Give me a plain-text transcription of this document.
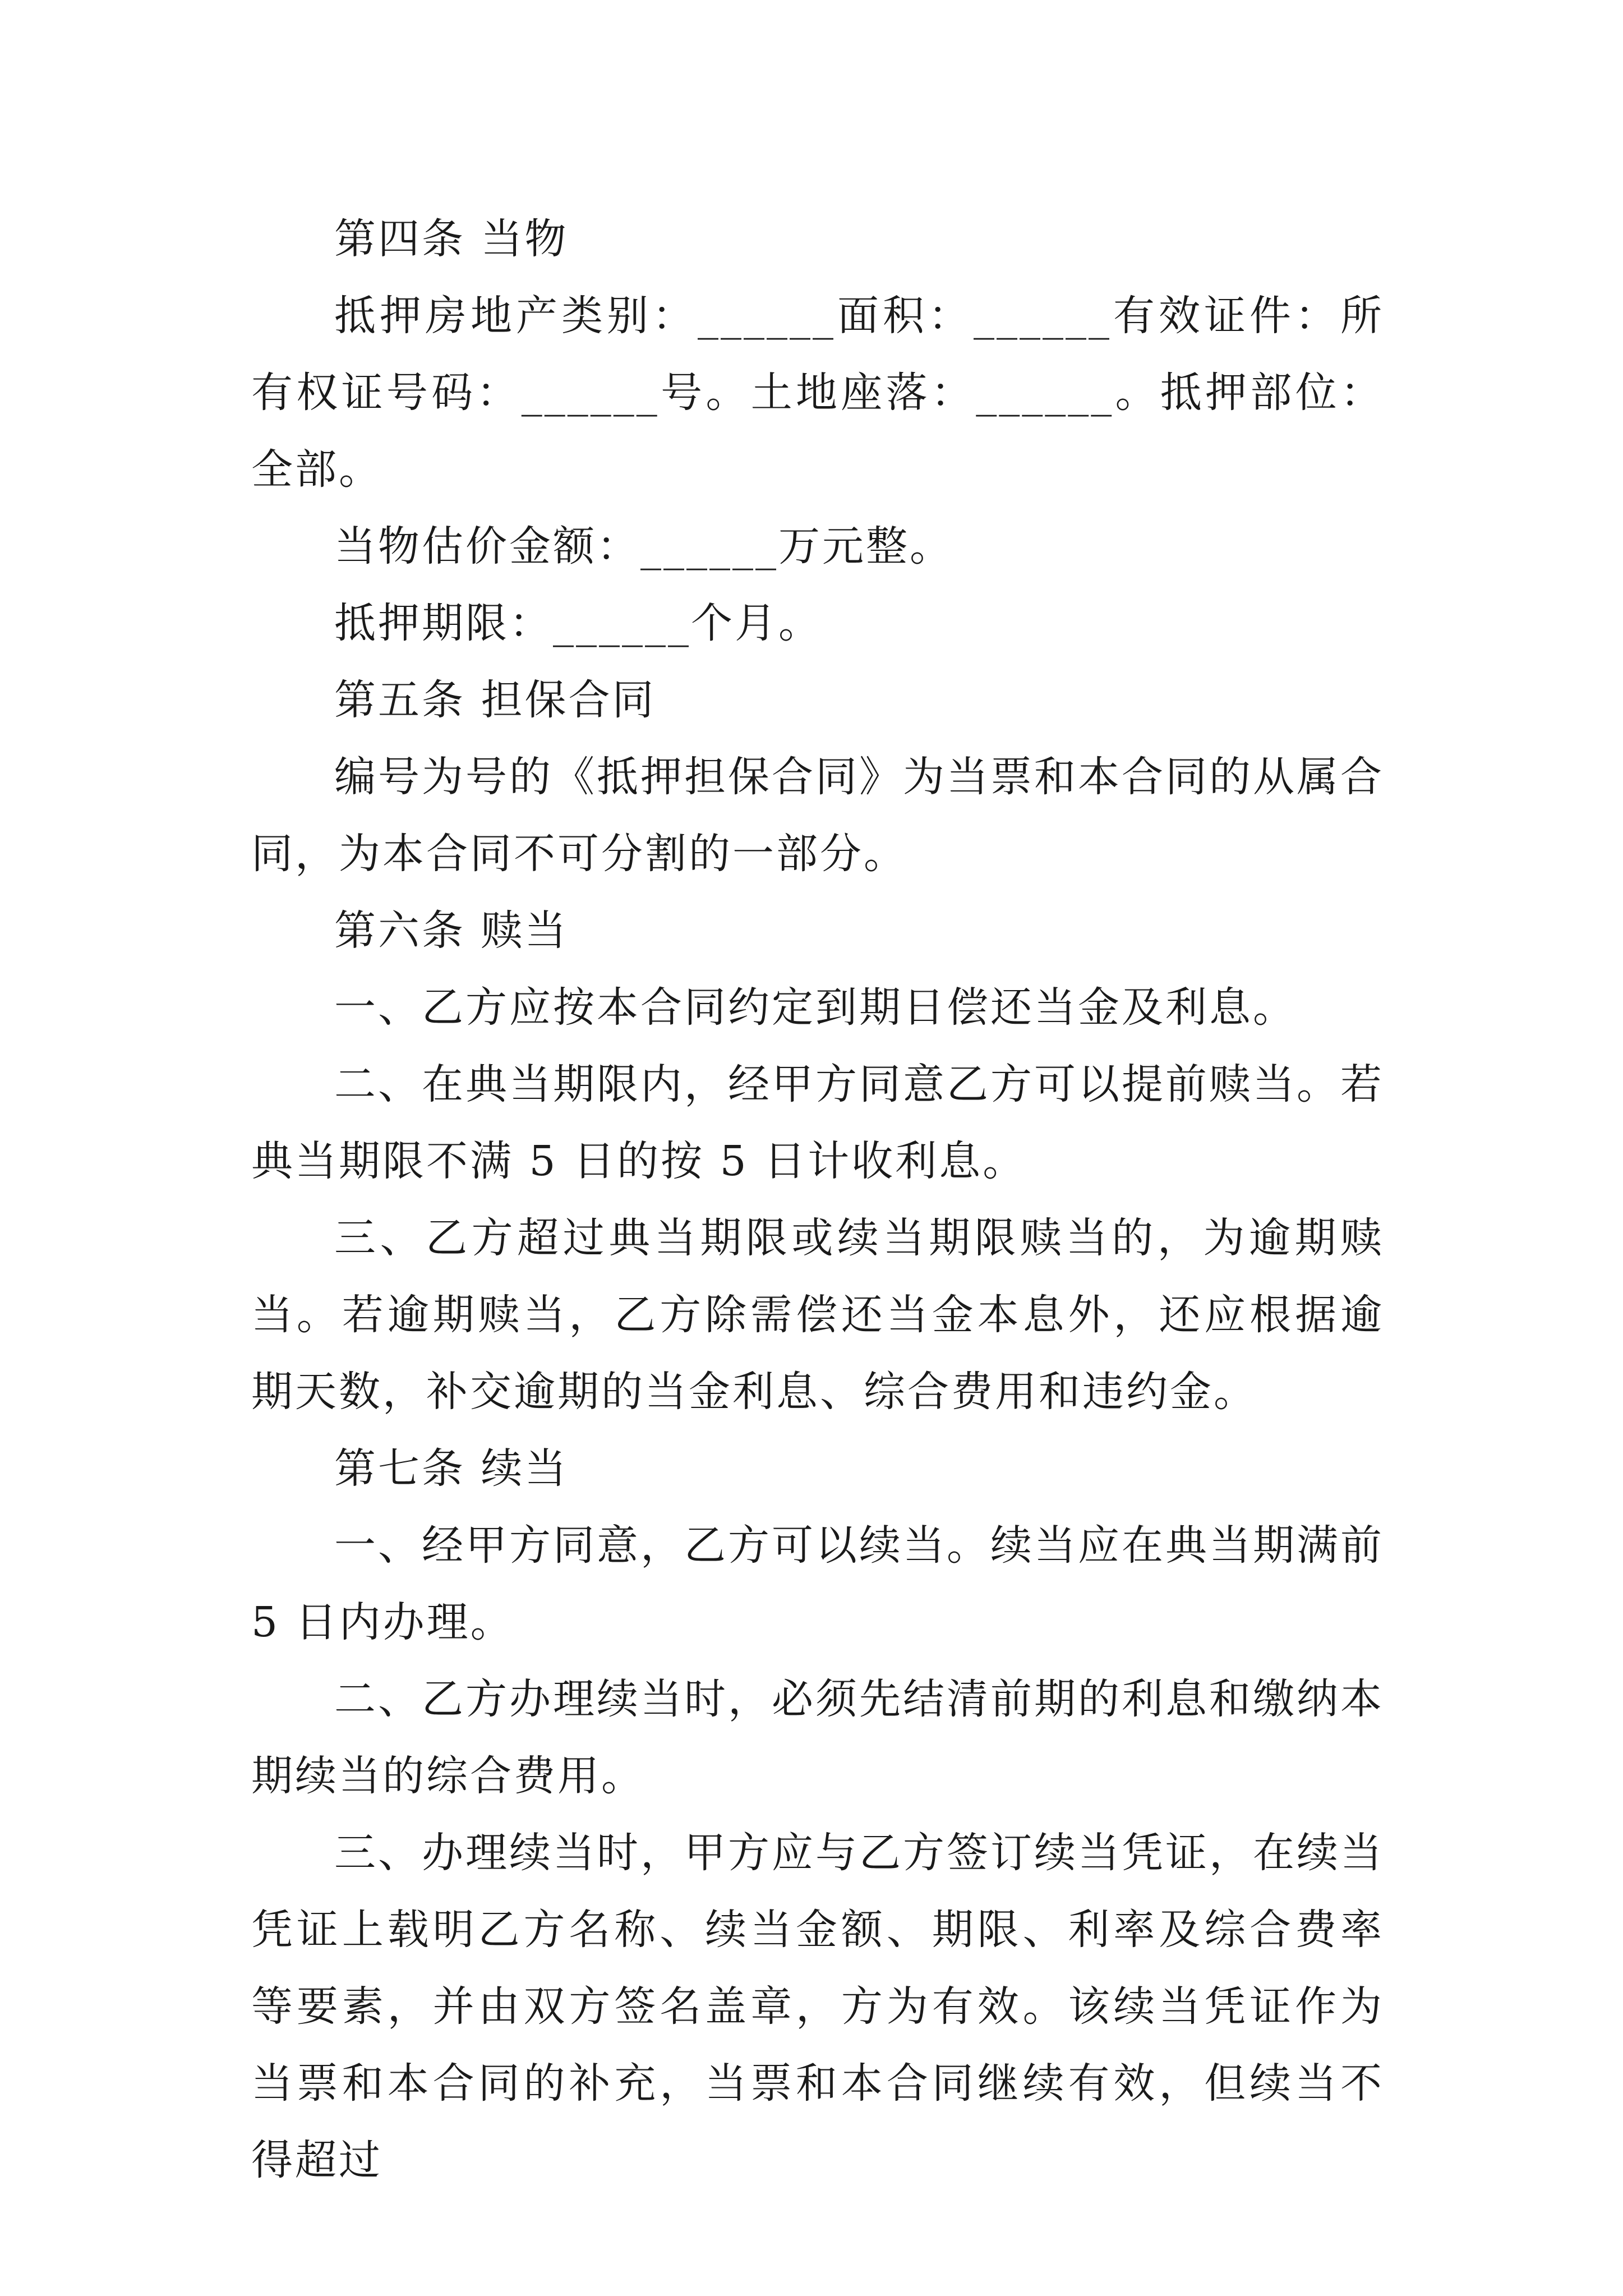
第四条 当物

抵押房地产类别：______面积：______有效证件：所有权证号码：______号。土地座落：______。抵押部位：全部。

当物估价金额：______万元整。

抵押期限：______个月。

第五条 担保合同

编号为号的《抵押担保合同》为当票和本合同的从属合同，为本合同不可分割的一部分。

第六条 赎当

一、乙方应按本合同约定到期日偿还当金及利息。

二、在典当期限内，经甲方同意乙方可以提前赎当。若典当期限不满 5 日的按 5 日计收利息。

三、乙方超过典当期限或续当期限赎当的，为逾期赎当。若逾期赎当，乙方除需偿还当金本息外，还应根据逾期天数，补交逾期的当金利息、综合费用和违约金。

第七条 续当

一、经甲方同意，乙方可以续当。续当应在典当期满前 5 日内办理。

二、乙方办理续当时，必须先结清前期的利息和缴纳本期续当的综合费用。

三、办理续当时，甲方应与乙方签订续当凭证，在续当凭证上载明乙方名称、续当金额、期限、利率及综合费率等要素，并由双方签名盖章，方为有效。该续当凭证作为当票和本合同的补充，当票和本合同继续有效，但续当不得超过
